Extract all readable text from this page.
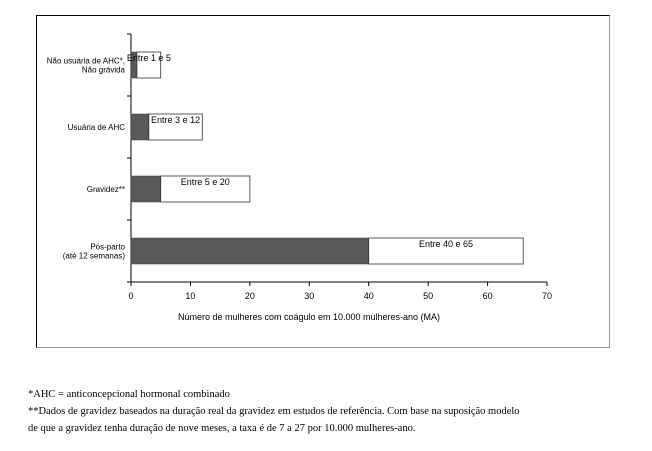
0	10	20	30	40	50	60	70
Entre 1 e 5
Não usuária de AHC*,
Não grávida
Entre 3 e 12
Usuária de AHC
Entre 5 e 20
Gravidez**
Entre 40 e 65
Pós-parto
(até 12 semanas)
Número de mulheres com coágulo em 10.000 mulheres-ano (MA)

*AHC = anticoncepcional hormonal combinado

**Dados de gravidez baseados na duração real da gravidez em estudos de referência. Com base na suposição modelo

de que a gravidez tenha duração de nove meses, a taxa é de 7 a 27 por 10.000 mulheres-ano.
